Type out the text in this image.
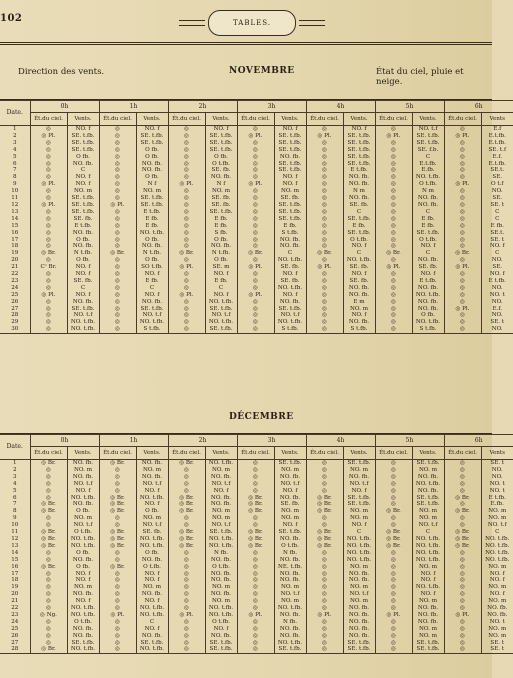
102	TABLES.
Direction des vents.	NOVEMBRE	État du ciel, pluie et neige.
Date.	0h		1h		2h		3h		4h		5h		6h	
	Ét.du ciel.	Vents.	Ét.du ciel.	Vents.	Ét.du ciel.	Vents.	Ét.du ciel.	Vents.	Ét.du ciel.	Vents.	Ét.du ciel.	Vents.	Ét.du ciel.	Vents
1	◎	NO. f	◎	NO. f	◎	NO. f	◎	NO. f	◎	NO. f	◎	NO. t.f	◎	E.f
2	◎ Pl.	SE. t.fb.	◎	SE. t.fb.	◎	SE. t.fb.	◎ Pl.	SE. t.fb.	◎ Pl.	SE. t.fb.	◎ Pl.	SE. t.fb.	◎ Pl.	E.t.fb.
3	◎	SE. t.fb.	◎	SE. t.fb.	◎	SE. t.fb.	◎	SE. t.fb.	◎	SE. t.fb.	◎	SE. t.fb.	◎	E.t.fb.
4	◎	SE. t.fb.	◎	O fb.	◎	SE. t.fb.	◎	SE. t.fb.	◎	SE. t.fb.	◎	SE. f.b.	◎	SE. t.f
5	◎	O fb.	◎	O fb.	◎	O fb.	◎	NO. fb.	◎	SE. t.fb.	◎	C	◎	E.f.
6	◎	NO. fb.	◎	NO. fb.	◎	O t.fb.	◎	SE. t.fb.	◎	SE. t.fb.	◎	E.t.fb.	◎	E.t.fb.
7	◎	C	◎	NO. fb.	◎	SE. fb.	◎	SE. t.fb.	◎	E t.fb.	◎	E.fb.	◎	SE.t.
8	◎	NO. f	◎	O fb.	◎	NO. fb.	◎	NO. f	◎	NO. fb.	◎	NO. t.fb.	◎	SE.
9	◎ Pl.	NO. f	◎	N f	◎ Pl.	N f	◎ Pl.	NO. f	◎	NO. fb.	◎	O t.fb.	◎ Pl.	O t.f
10	◎	NO. m	◎	NO. m	◎	NO. m	◎	NO. m	◎	N m	◎	N m	◎	NO.
11	◎	SE. t.fb.	◎	SE. t.fb.	◎	SE. fb.	◎	SE. fb.	◎	NO. fb.	◎	NO. fb.	◎	SE.
12	◎ Pl.	SE. t.fb.	◎ Pl.	SE. t.fb.	◎	SE. fb.	◎	SE. t.fb.	◎	SE. fb.	◎	NO. fb.	◎	SE. t
13	◎	SE. t.fb.	◎	E t.fb.	◎	SE. t.fb.	◎	SE. t.fb.	◎	C	◎	C	◎	C
14	◎	SE. fb.	◎	E fb.	◎	E fb.	◎	SE. t.fb.	◎	SE. t.fb.	◎	E fb.	◎	C
15	◎	E t.fb.	◎	E fb.	◎	E fb.	◎	E fb.	◎	E fb.	◎	E fb.	◎	E fb.
16	◎	NO. fb.	◎	NO. t.fb.	◎	S fb.	◎	S t.fb.	◎	SE. t.fb.	◎	SE. t.fb.	◎	SE.t.
17	◎	O fb.	◎	O fb.	◎	O fb.	◎	NO. fb.	◎	O t.fb.	◎	O t.fb.	◎	SE. t
18	◎	NO. fb.	◎	NO. fb.	◎	NO. fb.	◎	NO. fb.	◎	NO. f	◎	NO. f	◎	NO. f
19	◎ Br.	N t.fb.	◎ Br.	N t.fb.	◎ Br.	N t.fb.	◎ Br.	C	◎ Br.	C	◎ Br.	C	◎ Br.	C
20	◎	O fb.	◎	O fb.	◎	O fb.	◎	NO. t.fb.	◎	NO. t.fb.	◎	NO. fb.	◎	NO.
21	Cᶜ Br.	NO. f	◎	SO t.fb.	◎ Pl.	SE. m	◎ Pl.	SE. fb.	◎ Pl.	SE. fb.	◎ Pl.	SE. fb.	◎ Pl.	SE.
22	◎	NO. f	◎	NO. f	◎	NO. f	◎	NO. f	◎	NO. f	◎	NO. f	◎	NO. f
23	◎	SE. fb.	◎	E fb.	◎	E fb.	◎	SE. fb.	◎	SE. fb.	◎	E t.fb.	◎	E t.fb.
24	◎	C	◎	C	◎	C	◎	NO. t.fb.	◎	NO. fb.	◎	NO. fb.	◎	NO.
25	◎ Pl.	NO. f	◎	NO. f	◎ Pl.	NO. f	◎ Pl.	NO. f	◎	NO. fb.	◎	NO. t.fb.	◎	NO. t
26	◎	NO. fb.	◎	NO. fb.	◎	NO. t.fb.	◎	NO. fb.	◎	E m	◎	NO. fb.	◎	NO.
27	◎	SE. t.fb.	◎	SE. t.fb.	◎	SE. t.fb.	◎	SE. t.fb.	◎	NO. m	◎	NO. fb.	◎ Pl.	E.f.
28	◎	NO. t.f	◎	NO. t.f	◎	NO. t.f	◎	NO. t.f	◎	NO. f	◎	O fb.	◎	NO.
29	◎	NO. t.fb.	◎	NO. t.fb.	◎	NO. t.fb.	◎	NO. t.fb.	◎	NO. fb.	◎	NO. t.fb.	◎	SE. t
30	◎	NO. t.fb.	◎	S t.fb.	◎	SE. t.fb.	◎	S t.fb.	◎	S t.fb.	◎	S t.fb.	◎	NO.
DÉCEMBRE
Date.	0h		1h		2h		3h		4h		5h		6h	
	Ét.du ciel.	Vents.	Ét.du ciel.	Vents.	Ét.du ciel.	Vents.	Ét.du ciel.	Vents.	Ét.du ciel.	Vents.	Ét.du ciel.	Vents.	Ét.du ciel.	Vents
1	◎ Br.	NO. fb.	◎ Br.	NO. fb.	◎ Br.	NO. t.fb.	◎	SE. t.fb.	◎	SE. t.fb.	◎	SE. t.fb.	◎	SE. t
2	◎	NO. m	◎	NO. m	◎	NO. m	◎	NO. m	◎	NO. m	◎	NO. m	◎	NO.
3	◎	NO. fb.	◎	NO. fb.	◎	NO. fb.	◎	NO. fb.	◎	NO. fb.	◎	NO. fb.	◎	NO.
4	◎	NO. t.f	◎	NO. t.f	◎	NO. t.f	◎	NO. t.f	◎	NO. t.f	◎	NO. t.fb.	◎	NO. t
5	◎	NO. f	◎	NO. f	◎	NO. f	◎	NO. f	◎	NO. f	◎	NO. fb.	◎	NO. t
6	◎	NO. t.fb.	◎ Br.	NO. t.fb.	◎ Br.	NO. fb.	◎ Br.	NO. fb.	◎ Br.	SE. t.fb.	◎	SE. t.fb.	◎ Br.	E t.fb.
7	◎ Br.	NO. fb.	◎ Br.	NO. f	◎ Br.	NO. fb.	◎ Br.	SE. fb.	◎ Br.	SE. t.fb.	◎	SE. t.fb.	◎	E.fb.
8	◎ Br.	O fb.	◎ Br.	O fb.	◎ Br.	NO. m	◎ Br.	NO. m	◎ Br.	NO. m	◎ Br.	NO. m	◎ Br.	NO. m
9	◎	NO. m	◎	NO. m	◎	NO. m	◎	NO. m	◎	NO. m	◎	NO. m	◎	NO. m
10	◎	NO. t.f	◎	NO. t.f	◎	NO. t.f	◎	NO. f	◎	NO. f	◎	NO. t.f	◎	NO. t.f
11	◎ Br.	O t.fb.	◎ Br.	SE. fb.	◎ Br.	SE. t.fb.	◎ Br.	SE. t.fb.	◎ Br.	C	◎ Br.	C	◎ Br.	C
12	◎ Br.	NO. t.fb.	◎ Br.	NO. t.fb.	◎ Br.	NO. t.fb.	◎ Br.	NO. fb.	◎ Br.	NO. t.fb.	◎ Br.	NO. t.fb.	◎ Br.	NO. t.fb.
13	◎ Br.	NO. t.fb.	◎ Br.	NO. t.fb.	◎ Br.	NO. t.fb.	◎ Br.	O t.fb.	◎ Br.	NO. t.fb.	◎ Br.	NO. t.fb.	◎ Br.	NO. t.fb.
14	◎	O fb.	◎	O fb.	◎	N fb.	◎	N fb.	◎	NO. t.fb.	◎	NO. t.fb.	◎	NO. t.fb.
15	◎	NO. fb.	◎	NO. fb.	◎	NO. fb.	◎	NO. fb.	◎	NO. t.fb.	◎	NO. t.fb.	◎	NO. t.fb.
16	◎ Br.	O fb.	◎ Br.	O t.fb.	◎	O t.fb.	◎	NE. t.fb.	◎	NO. m	◎	NO. m	◎	NO. m
17	◎	NO. f	◎	NO. f	◎	NO. fb.	◎	NO. fb.	◎	NO. fb.	◎	NO. f	◎	NO. f
18	◎	NO. f	◎	NO. f	◎	NO. fb.	◎	NO. fb.	◎	NO. fb.	◎	NO. f	◎	NO. f
19	◎	NO. m	◎	NO. m	◎	NO. m	◎	NO. m	◎	NO. m	◎	NO. t.fb.	◎	NO. m
20	◎	NO. fb.	◎	NO. fb.	◎	NO. fb.	◎	NO. t.f	◎	NO. t.f	◎	NO. f	◎	NO. f
21	◎	NO. f	◎	NO. f	◎	NO. m	◎	NO. m	◎	NO. m	◎	NO. m	◎	NO. m
22	◎	NO. t.fb.	◎	NO. t.fb.	◎	NO. t.fb.	◎	NO. t.fb.	◎	NO. fb.	◎	NO. fb.	◎	NO. fb.
23	◎ Ng.	NO. t.fb.	◎ Pl.	NO. t.fb.	◎ Pl.	NO. t.fb.	◎ Pl.	NO. fb.	◎ Pl.	NO. fb.	◎ Pl.	NO. fb.	◎ Pl.	NO. fb.
24	◎	O t.fb.	◎	C	◎	O t.fb.	◎	N fb.	◎	NO. fb.	◎	NO. fb.	◎	NO. t
25	◎	NO. fb.	◎	NO. f	◎	NO. f	◎	NO. fb.	◎	NO. fb.	◎	NO. m	◎	NO. m
26	◎	NO. fb.	◎	NO. fb.	◎	NO. fb.	◎	NO. fb.	◎	NO. fb.	◎	NO. m	◎	NO. m
27	◎	SE. t.fb.	◎	SE. t.fb.	◎	SE. t.fb.	◎	NO. t.fb.	◎	SE. t.fb.	◎	SE. t.fb.	◎	SE. t
28	◎ Br.	NO. t.fb.	◎	NO. t.fb.	◎	SE. t.fb.	◎	SE. t.fb.	◎	SE. t.fb.	◎	SE. t.fb.	◎	SE. t
